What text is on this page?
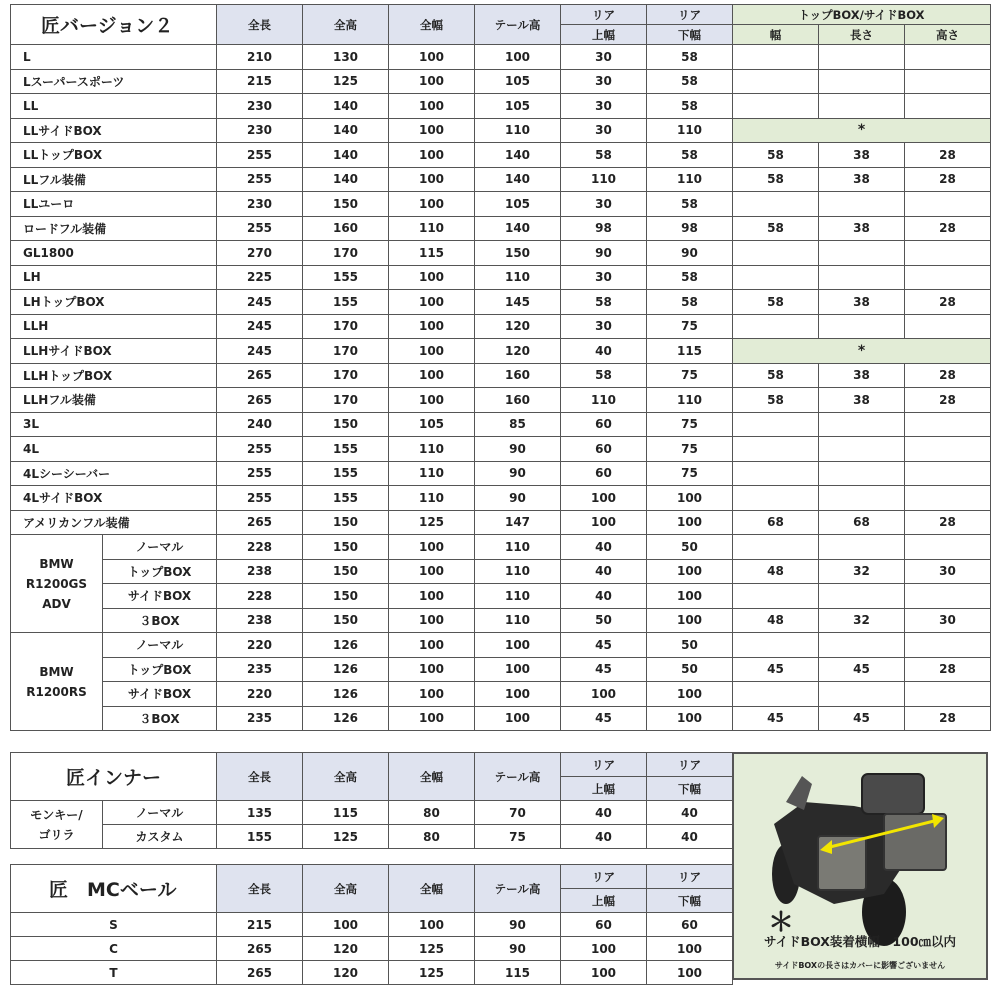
匠バージョン２		全長	全高	全幅	テール高	リア	リア	トップBOX/サイドBOX		
						上幅	下幅	幅	長さ	高さ
L		210	130	100	100	30	58			
Lスーパースポーツ		215	125	100	105	30	58			
LL		230	140	100	105	30	58			
LLサイドBOX		230	140	100	110	30	110	*		
LLトップBOX		255	140	100	140	58	58	58	38	28
LLフル装備		255	140	100	140	110	110	58	38	28
LLユーロ		230	150	100	105	30	58			
ロードフル装備		255	160	110	140	98	98	58	38	28
GL1800		270	170	115	150	90	90			
LH		225	155	100	110	30	58			
LHトップBOX		245	155	100	145	58	58	58	38	28
LLH		245	170	100	120	30	75			
LLHサイドBOX		245	170	100	120	40	115	*		
LLHトップBOX		265	170	100	160	58	75	58	38	28
LLHフル装備		265	170	100	160	110	110	58	38	28
3L		240	150	105	85	60	75			
4L		255	155	110	90	60	75			
4Lシーシーバー		255	155	110	90	60	75			
4LサイドBOX		255	155	110	90	100	100			
アメリカンフル装備		265	150	125	147	100	100	68	68	28

BMW
R1200GS
ADV	ノーマル	228	150	100	110	40	50			
	トップBOX	238	150	100	110	40	100	48	32	30
	サイドBOX	228	150	100	110	40	100			
	３BOX	238	150	100	110	50	100	48	32	30

BMW
R1200RS	ノーマル	220	126	100	100	45	50			
	トップBOX	235	126	100	100	45	50	45	45	28
	サイドBOX	220	126	100	100	100	100			
	３BOX	235	126	100	100	45	100	45	45	28
匠インナー		全長	全高	全幅	テール高	リア	リア
						上幅	下幅

モンキー/
ゴリラ	ノーマル	135	115	80	70	40	40
	カスタム	155	125	80	75	40	40
匠　MCベール	全長	全高	全幅	テール高	リア	リア
					上幅	下幅
S	215	100	100	90	60	60
C	265	120	125	90	100	100
T	265	120	125	115	100	100
＊
サイドBOX装着横幅　100㎝以内
サイドBOXの長さはカバーに影響ございません
